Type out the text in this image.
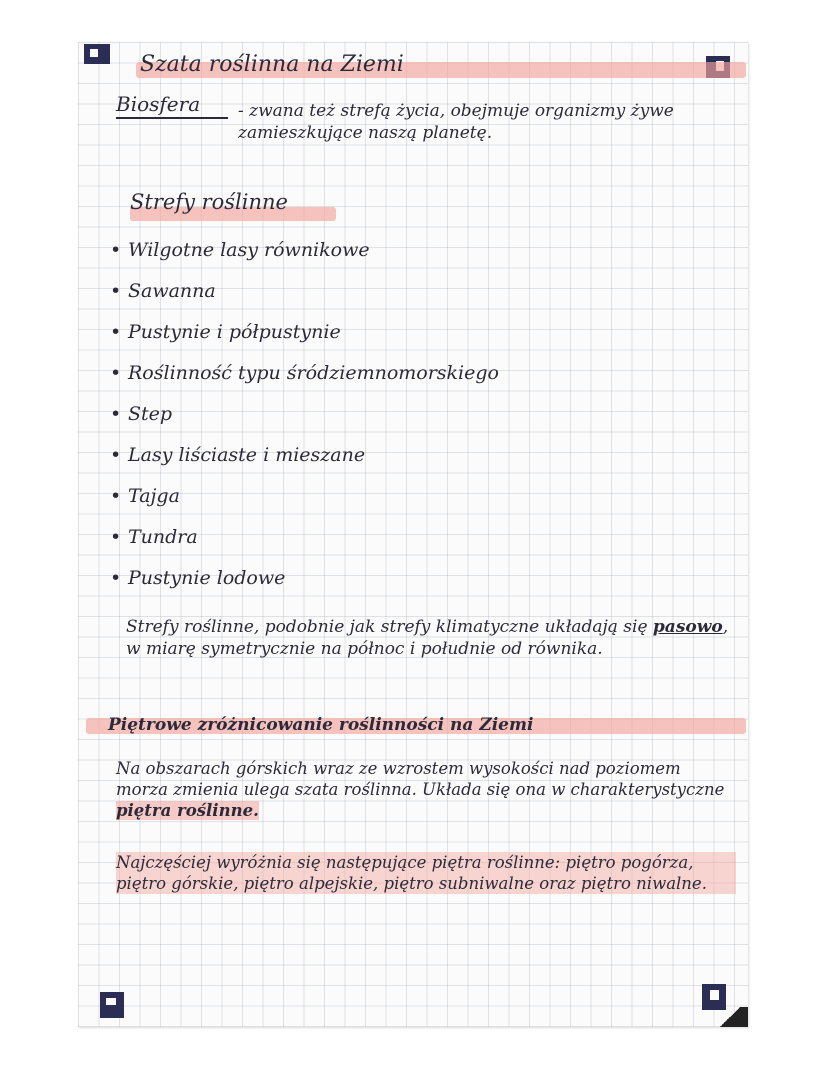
Szata roślinna na Ziemi
Biosfera - zwana też strefą życia, obejmuje organizmy żywe zamieszkujące naszą planetę.
Strefy roślinne
• Wilgotne lasy równikowe
• Sawanna
• Pustynie i półpustynie
• Roślinność typu śródziemnomorskiego
• Step
• Lasy liściaste i mieszane
• Tajga
• Tundra
• Pustynie lodowe
Strefy roślinne, podobnie jak strefy klimatyczne układają się pasowo, w miarę symetrycznie na północ i południe od równika.
Piętrowe zróżnicowanie roślinności na Ziemi
Na obszarach górskich wraz ze wzrostem wysokości nad poziomem morza zmienia ulega szata roślinna. Układa się ona w charakterystyczne piętra roślinne.
Najczęściej wyróżnia się następujące piętra roślinne: piętro pogórza, piętro górskie, piętro alpejskie, piętro subniwalne oraz piętro niwalne.
